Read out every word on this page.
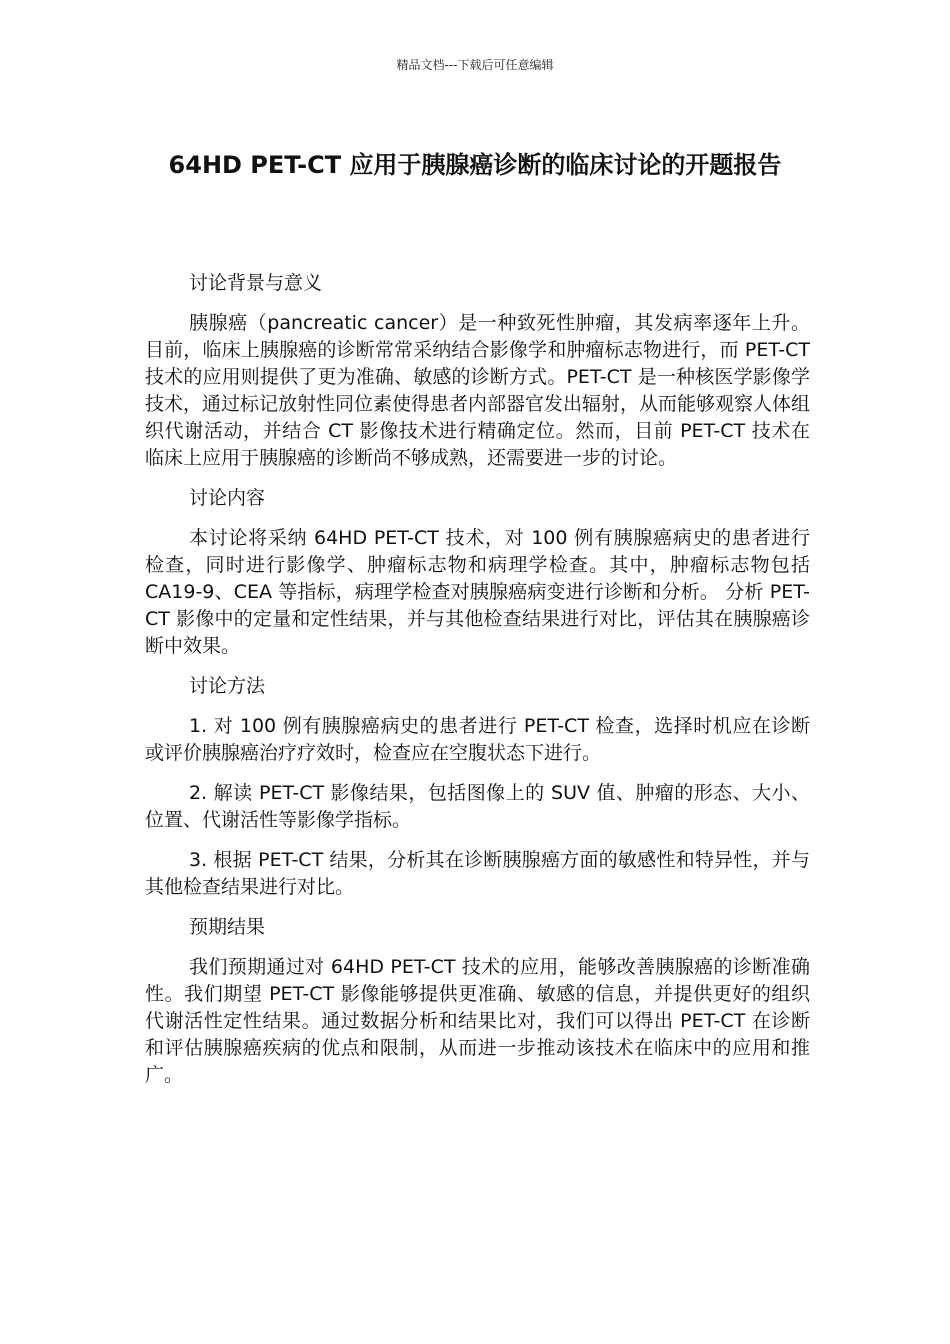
精品文档---下载后可任意编辑
64HD PET-CT 应用于胰腺癌诊断的临床讨论的开题报告

讨论背景与意义

胰腺癌（pancreatic cancer）是一种致死性肿瘤，其发病率逐年上升。目前，临床上胰腺癌的诊断常常采纳结合影像学和肿瘤标志物进行，而 PET-CT 技术的应用则提供了更为准确、敏感的诊断方式。PET-CT 是一种核医学影像学技术，通过标记放射性同位素使得患者内部器官发出辐射，从而能够观察人体组织代谢活动，并结合 CT 影像技术进行精确定位。然而，目前 PET-CT 技术在临床上应用于胰腺癌的诊断尚不够成熟，还需要进一步的讨论。

讨论内容

本讨论将采纳 64HD PET-CT 技术，对 100 例有胰腺癌病史的患者进行检查，同时进行影像学、肿瘤标志物和病理学检查。其中，肿瘤标志物包括 CA19-9、CEA 等指标，病理学检查对胰腺癌病变进行诊断和分析。 分析 PET-CT 影像中的定量和定性结果，并与其他检查结果进行对比，评估其在胰腺癌诊断中效果。

讨论方法

1. 对 100 例有胰腺癌病史的患者进行 PET-CT 检查，选择时机应在诊断或评价胰腺癌治疗疗效时，检查应在空腹状态下进行。

2. 解读 PET-CT 影像结果，包括图像上的 SUV 值、肿瘤的形态、大小、位置、代谢活性等影像学指标。

3. 根据 PET-CT 结果，分析其在诊断胰腺癌方面的敏感性和特异性，并与其他检查结果进行对比。

预期结果

我们预期通过对 64HD PET-CT 技术的应用，能够改善胰腺癌的诊断准确性。我们期望 PET-CT 影像能够提供更准确、敏感的信息，并提供更好的组织代谢活性定性结果。通过数据分析和结果比对，我们可以得出 PET-CT 在诊断和评估胰腺癌疾病的优点和限制，从而进一步推动该技术在临床中的应用和推广。
